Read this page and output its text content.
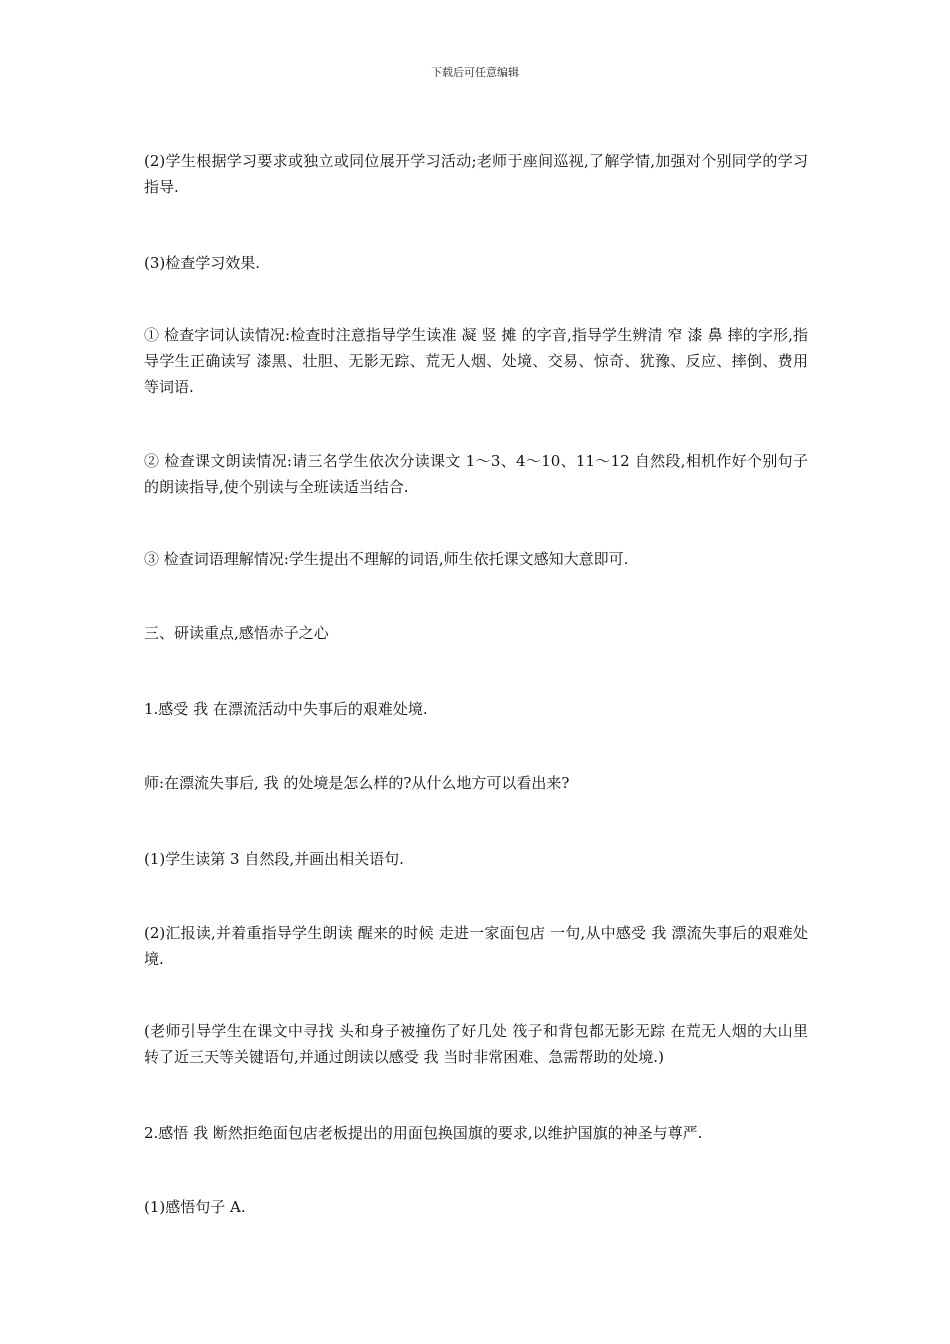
下载后可任意编辑

(2)学生根据学习要求或独立或同位展开学习活动;老师于座间巡视,了解学情,加强对个别同学的学习指导.

(3)检查学习效果.

① 检查字词认读情况:检查时注意指导学生读准 凝 竖 摊 的字音,指导学生辨清 窄 漆 鼻 摔的字形,指导学生正确读写 漆黑、壮胆、无影无踪、荒无人烟、处境、交易、惊奇、犹豫、反应、摔倒、费用 等词语.

② 检查课文朗读情况:请三名学生依次分读课文 1～3、4～10、11～12 自然段,相机作好个别句子的朗读指导,使个别读与全班读适当结合.

③ 检查词语理解情况:学生提出不理解的词语,师生依托课文感知大意即可.

三、研读重点,感悟赤子之心

1.感受 我 在漂流活动中失事后的艰难处境.

师:在漂流失事后, 我 的处境是怎么样的?从什么地方可以看出来?

(1)学生读第 3 自然段,并画出相关语句.

(2)汇报读,并着重指导学生朗读 醒来的时候 走进一家面包店 一句,从中感受 我 漂流失事后的艰难处境.

(老师引导学生在课文中寻找 头和身子被撞伤了好几处 筏子和背包都无影无踪 在荒无人烟的大山里 转了近三天等关键语句,并通过朗读以感受 我 当时非常困难、急需帮助的处境.)

2.感悟 我 断然拒绝面包店老板提出的用面包换国旗的要求,以维护国旗的神圣与尊严.

(1)感悟句子 A.
